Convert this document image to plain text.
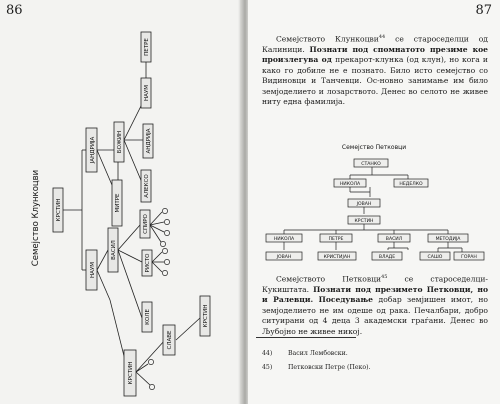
86
КРСТИН
ЈАНДРИЈА
НАУМ
МИТРЕ
БОЖИН
ВАСИЛ
АЛЕКСО
НАУМ
ПЕТРЕ
АНДРИЈА
СПИРО
РИСТО
КОЛЕ
КРСТИН
СЛАВЕ
КРСТИН
Семејство Клункоцви
87
Семејството Клункоцви$^{44}$ се староседелци од Калиници. Познати под спомнатото презиме кое произлегува од прекарот-клунка (од клун), но кога и како го добиле не е познато. Било исто семејство со Видиновци и Танчевци. Ос-новно занимање им било земјоделието и лозарството. Денес во селото не живее ниту една фамилија.
Семејство Петковци
СТАНКО
НИКОЛА	НЕДЕЛКО
ЈОВАН
КРСТИН
НИКОЛА	ПЕТРЕ	ВАСИЛ	МЕТОДИЈА
ЈОВАН	КРИСТИЈАН	ВЛАДЕ	САШО	ГОРАН
Семејството Петковци$^{45}$ се староседелци-Кукиштата. Познати под презимето Петковци, но и Ралевци. Поседување добар земјишен имот, но земјоделието не им одеше од рака. Печалбари, добро ситуирани од 4 деца 3 академски граѓани. Денес во Љубојно не живее никој.
44)	Васил Лембовски.
45)	Петковски Петре (Пеко).
